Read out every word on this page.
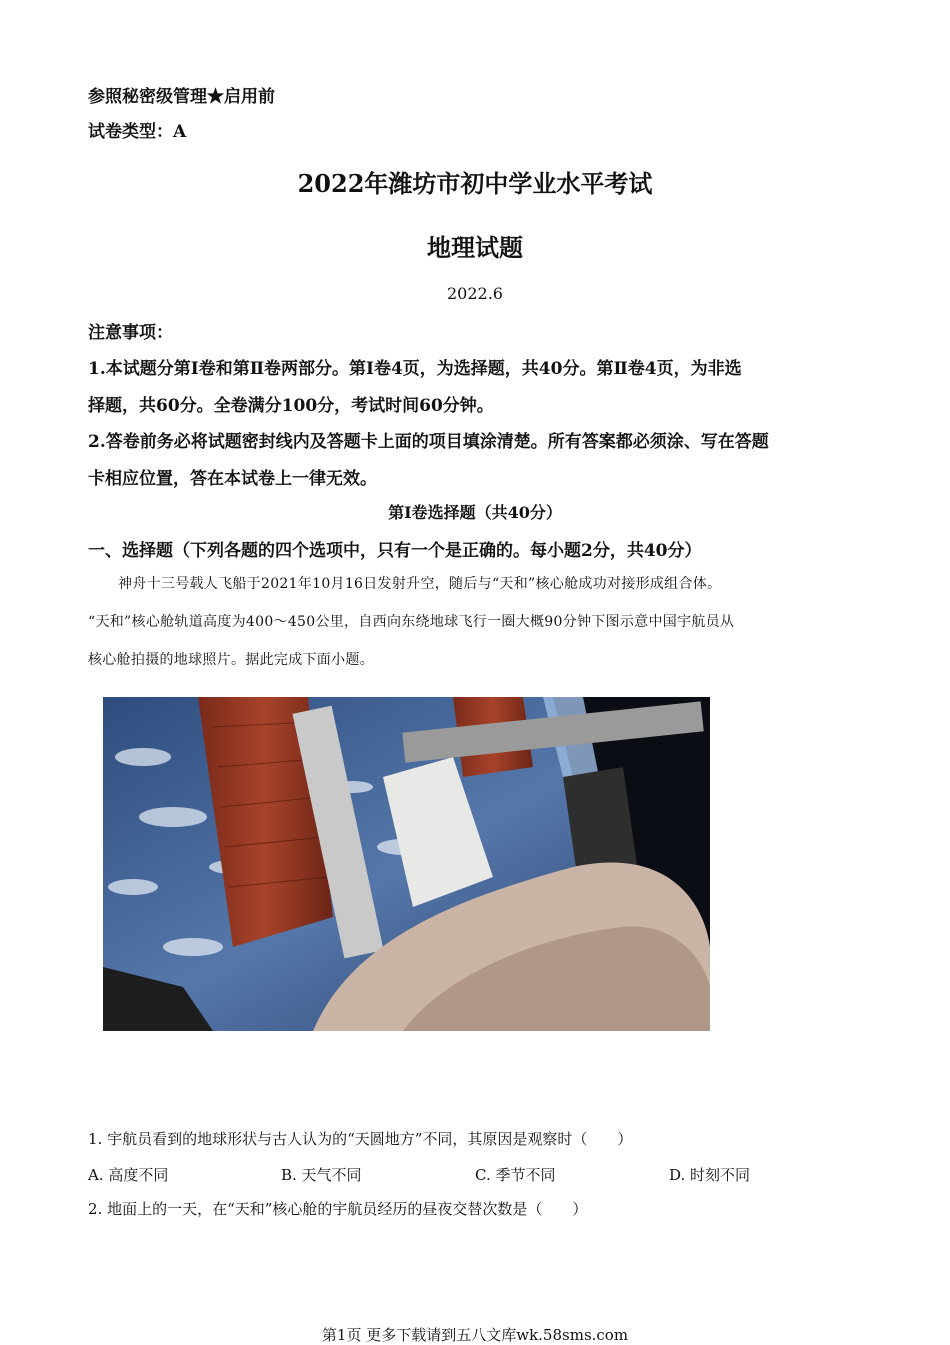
参照秘密级管理★启用前
试卷类型：A
2022年潍坊市初中学业水平考试
地理试题
2022.6
注意事项：
1.本试题分第Ⅰ卷和第Ⅱ卷两部分。第Ⅰ卷4页，为选择题，共40分。第Ⅱ卷4页，为非选
择题，共60分。全卷满分100分，考试时间60分钟。
2.答卷前务必将试题密封线内及答题卡上面的项目填涂清楚。所有答案都必须涂、写在答题
卡相应位置，答在本试卷上一律无效。
第Ⅰ卷选择题（共40分）
一、选择题（下列各题的四个选项中，只有一个是正确的。每小题2分，共40分）
神舟十三号载人飞船于2021年10月16日发射升空，随后与“天和”核心舱成功对接形成组合体。
“天和”核心舱轨道高度为400～450公里，自西向东绕地球飞行一圈大概90分钟下图示意中国宇航员从
核心舱拍摄的地球照片。据此完成下面小题。
1. 宇航员看到的地球形状与古人认为的“天圆地方”不同，其原因是观察时（　　）
A. 高度不同	B. 天气不同	C. 季节不同	D. 时刻不同
2. 地面上的一天，在“天和”核心舱的宇航员经历的昼夜交替次数是（　　）
第1页 更多下载请到五八文库wk.58sms.com
